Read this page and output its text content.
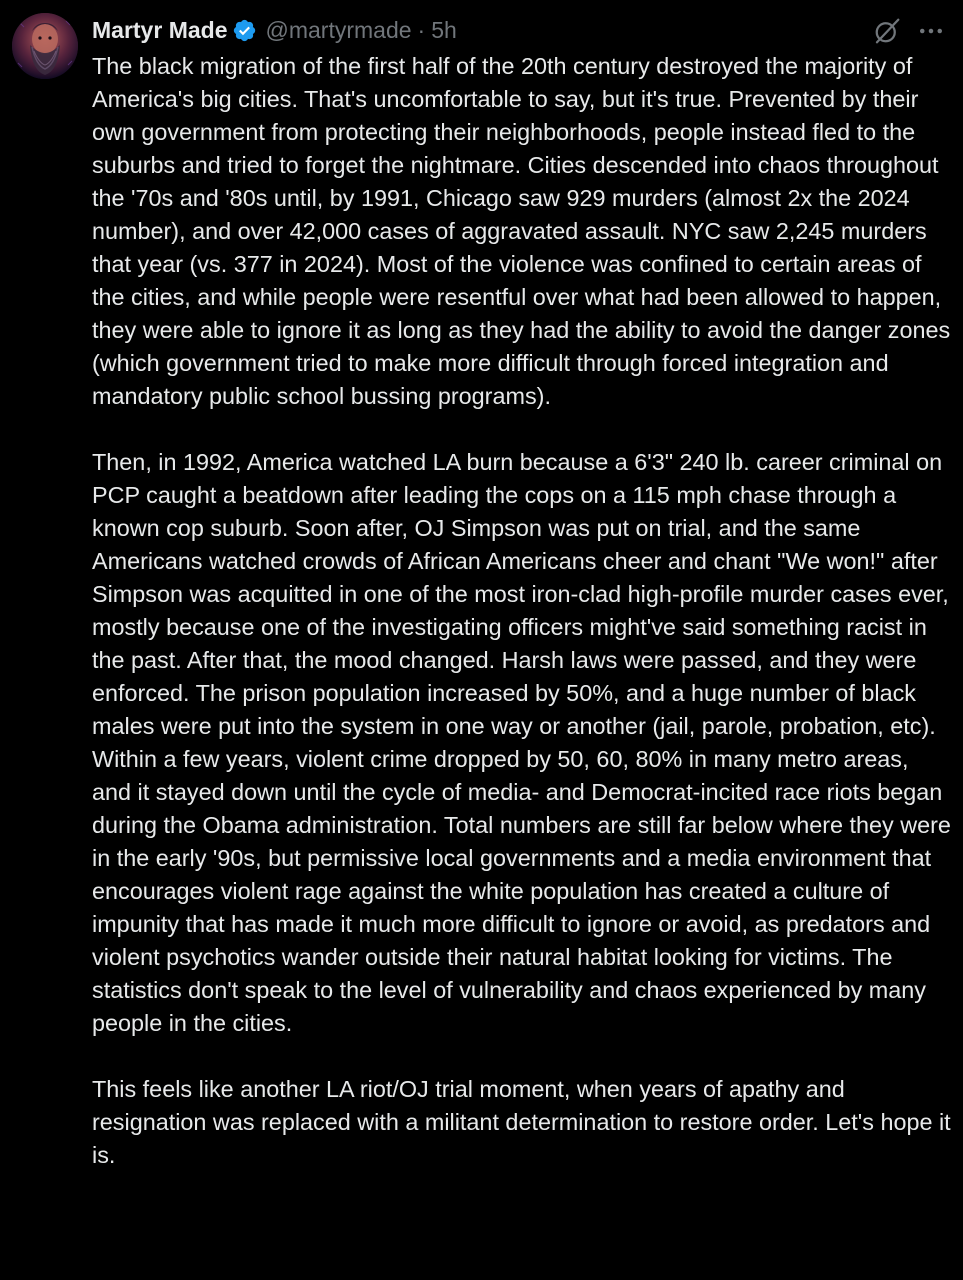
Martyr Made @martyrmade · 5h

The black migration of the first half of the 20th century destroyed the majority of America's big cities. That's uncomfortable to say, but it's true. Prevented by their own government from protecting their neighborhoods, people instead fled to the suburbs and tried to forget the nightmare. Cities descended into chaos throughout the '70s and '80s until, by 1991, Chicago saw 929 murders (almost 2x the 2024 number), and over 42,000 cases of aggravated assault. NYC saw 2,245 murders that year (vs. 377 in 2024). Most of the violence was confined to certain areas of the cities, and while people were resentful over what had been allowed to happen, they were able to ignore it as long as they had the ability to avoid the danger zones (which government tried to make more difficult through forced integration and mandatory public school bussing programs).

Then, in 1992, America watched LA burn because a 6'3" 240 lb. career criminal on PCP caught a beatdown after leading the cops on a 115 mph chase through a known cop suburb. Soon after, OJ Simpson was put on trial, and the same Americans watched crowds of African Americans cheer and chant "We won!" after Simpson was acquitted in one of the most iron-clad high-profile murder cases ever, mostly because one of the investigating officers might've said something racist in the past. After that, the mood changed. Harsh laws were passed, and they were enforced. The prison population increased by 50%, and a huge number of black males were put into the system in one way or another (jail, parole, probation, etc). Within a few years, violent crime dropped by 50, 60, 80% in many metro areas, and it stayed down until the cycle of media- and Democrat-incited race riots began during the Obama administration. Total numbers are still far below where they were in the early '90s, but permissive local governments and a media environment that encourages violent rage against the white population has created a culture of impunity that has made it much more difficult to ignore or avoid, as predators and violent psychotics wander outside their natural habitat looking for victims. The statistics don't speak to the level of vulnerability and chaos experienced by many people in the cities.

This feels like another LA riot/OJ trial moment, when years of apathy and resignation was replaced with a militant determination to restore order. Let's hope it is.
